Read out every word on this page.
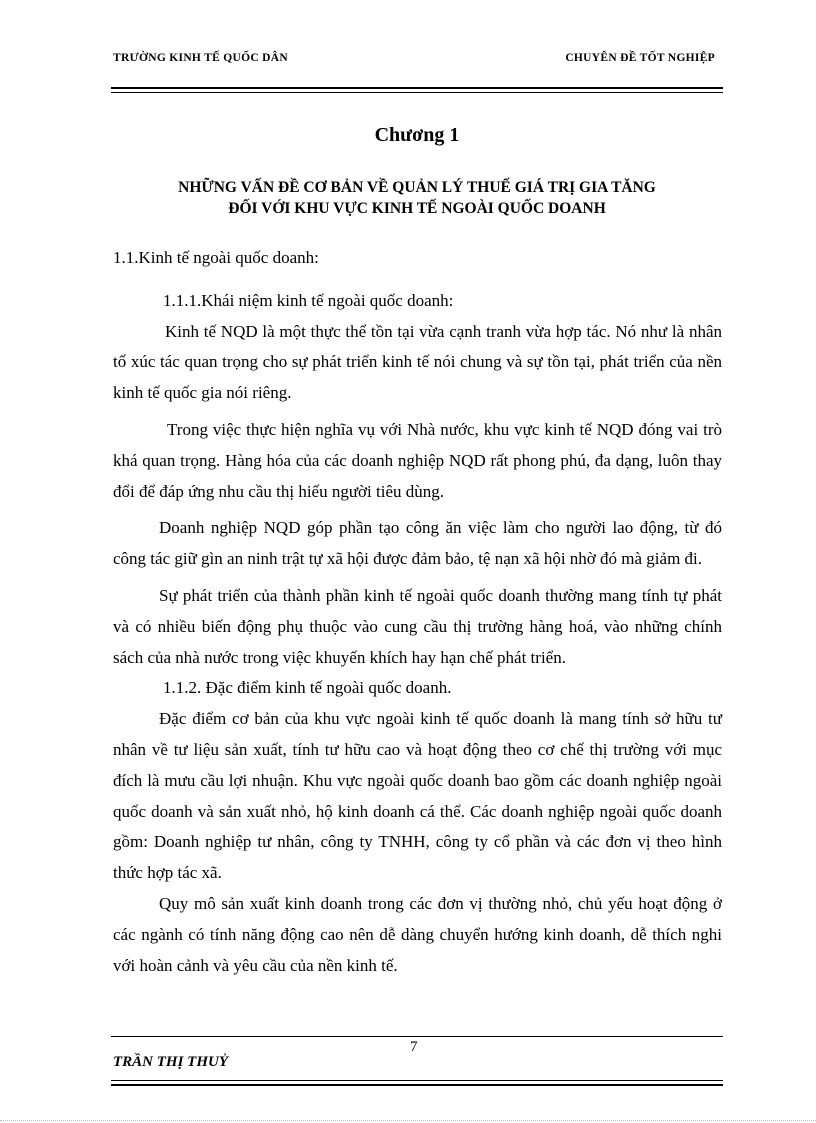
TRƯỜNG KINH TẾ QUỐC DÂN	CHUYÊN ĐỀ TỐT NGHIỆP
Chương 1
NHỮNG VẤN ĐỀ CƠ BẢN VỀ QUẢN LÝ THUẾ GIÁ TRỊ GIA TĂNG
ĐỐI VỚI KHU VỰC KINH TẾ NGOÀI QUỐC DOANH

1.1.Kinh tế ngoài quốc doanh:

1.1.1.Khái niệm kinh tế ngoài quốc doanh:

Kinh tế NQD là một thực thể tồn tại vừa cạnh tranh vừa hợp tác. Nó như là nhân tố xúc tác quan trọng cho sự phát triển kinh tế nói chung và sự tồn tại, phát triển của nền kinh tế quốc gia nói riêng.

Trong việc thực hiện nghĩa vụ với Nhà nước, khu vực kinh tế NQD đóng vai trò khá quan trọng. Hàng hóa của các doanh nghiệp NQD rất phong phú, đa dạng, luôn thay đổi để đáp ứng nhu cầu thị hiếu người tiêu dùng.

Doanh nghiệp NQD góp phần tạo công ăn việc làm cho người lao động, từ đó công tác giữ gìn an ninh trật tự xã hội được đảm bảo, tệ nạn xã hội nhờ đó mà giảm đi.

Sự phát triển của thành phần kinh tế ngoài quốc doanh thường mang tính tự phát và có nhiều biến động phụ thuộc vào cung cầu thị trường hàng hoá, vào những chính sách của nhà nước trong việc khuyến khích hay hạn chế phát triển.

1.1.2. Đặc điểm kinh tế ngoài quốc doanh.

Đặc điểm cơ bản của khu vực ngoài kinh tế quốc doanh là mang tính sở hữu tư nhân về tư liệu sản xuất, tính tư hữu cao và hoạt động theo cơ chế thị trường với mục đích là mưu cầu lợi nhuận. Khu vực ngoài quốc doanh bao gồm các doanh nghiệp ngoài quốc doanh và sản xuất nhỏ, hộ kinh doanh cá thể. Các doanh nghiệp ngoài quốc doanh gồm: Doanh nghiệp tư nhân, công ty TNHH, công ty cổ phần và các đơn vị theo hình thức hợp tác xã.

Quy mô sản xuất kinh doanh trong các đơn vị thường nhỏ, chủ yếu hoạt động ở các ngành có tính năng động cao nên dễ dàng chuyển hướng kinh doanh, dễ thích nghi với hoàn cảnh và yêu cầu của nền kinh tế.

7
TRẦN THỊ THUỶ
